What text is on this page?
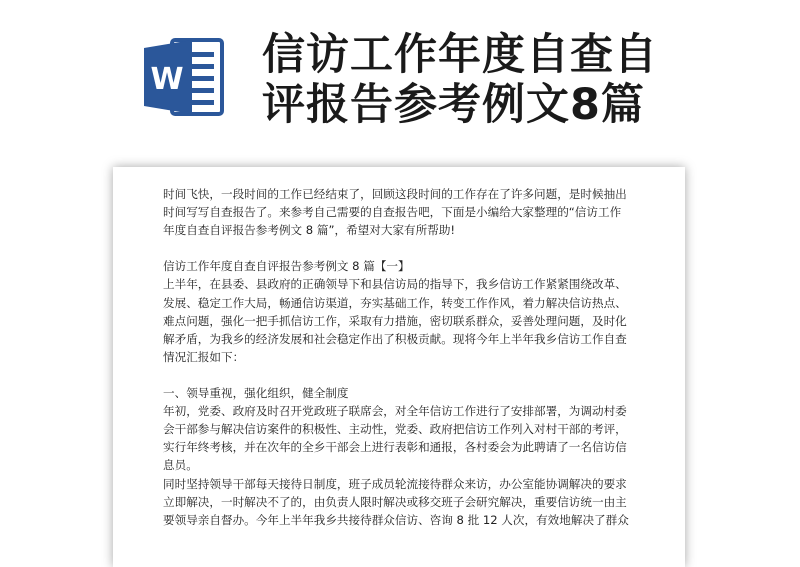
W 信访工作年度自查自
评报告参考例文8篇
时间飞快，一段时间的工作已经结束了，回顾这段时间的工作存在了许多问题，是时候抽出
时间写写自查报告了。来参考自己需要的自查报告吧，下面是小编给大家整理的“信访工作
年度自查自评报告参考例文 8 篇”，希望对大家有所帮助!
信访工作年度自查自评报告参考例文 8 篇【一】
上半年，在县委、县政府的正确领导下和县信访局的指导下，我乡信访工作紧紧围绕改革、
发展、稳定工作大局，畅通信访渠道，夯实基础工作，转变工作作风，着力解决信访热点、
难点问题，强化一把手抓信访工作，采取有力措施，密切联系群众，妥善处理问题，及时化
解矛盾，为我乡的经济发展和社会稳定作出了积极贡献。现将今年上半年我乡信访工作自查
情况汇报如下：
一、领导重视，强化组织，健全制度
年初，党委、政府及时召开党政班子联席会，对全年信访工作进行了安排部署，为调动村委
会干部参与解决信访案件的积极性、主动性，党委、政府把信访工作列入对村干部的考评，
实行年终考核，并在次年的全乡干部会上进行表彰和通报，各村委会为此聘请了一名信访信
息员。
同时坚持领导干部每天接待日制度，班子成员轮流接待群众来访，办公室能协调解决的要求
立即解决，一时解决不了的，由负责人限时解决或移交班子会研究解决，重要信访统一由主
要领导亲自督办。今年上半年我乡共接待群众信访、咨询 8 批 12 人次，有效地解决了群众
